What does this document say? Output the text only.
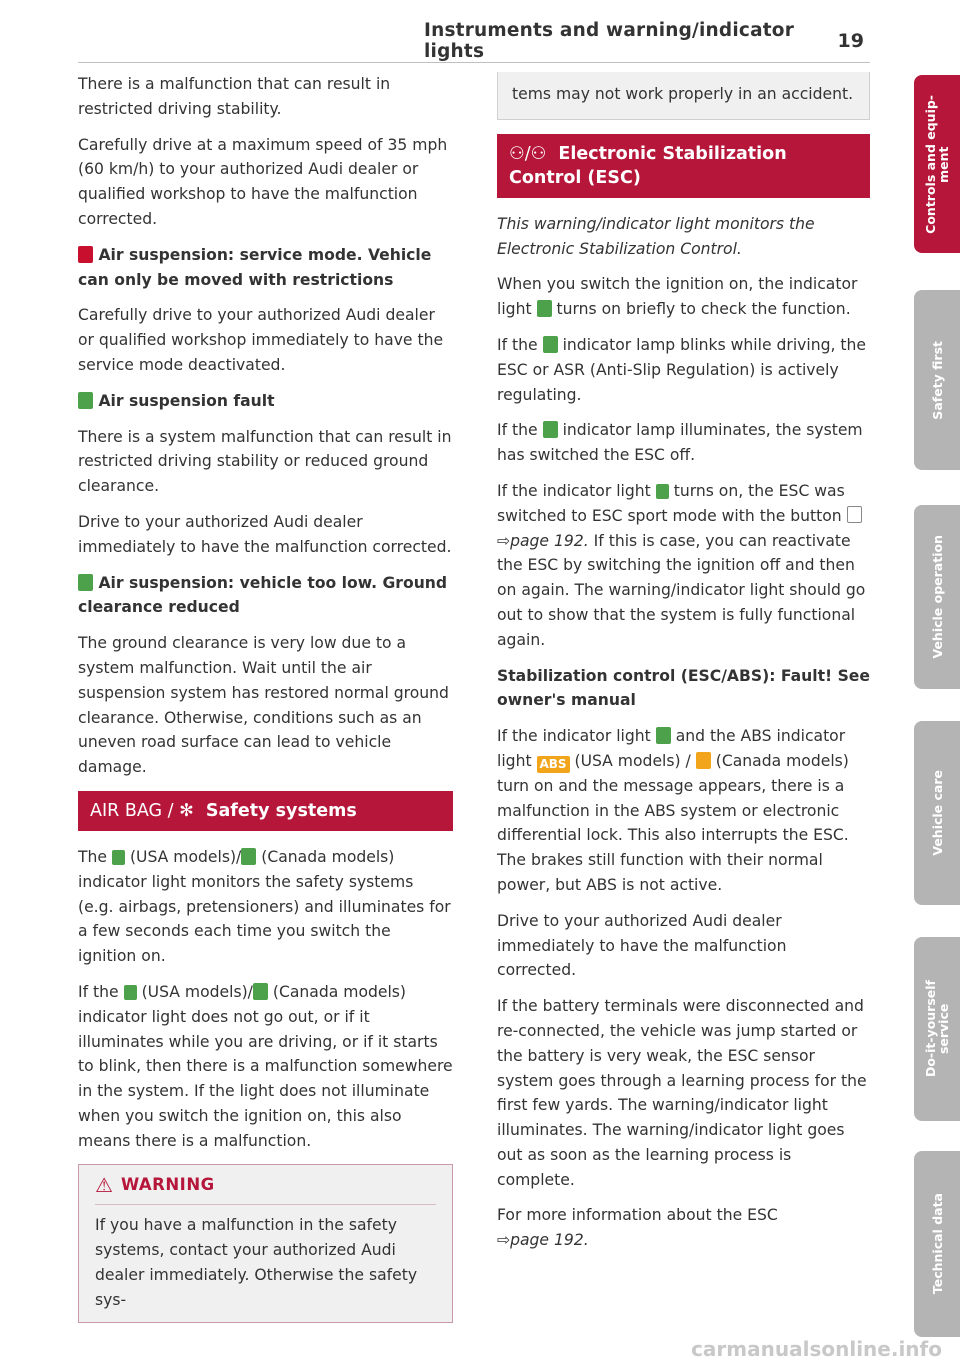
Instruments and warning/indicator lights	19

There is a malfunction that can result in restricted driving stability.

Carefully drive at a maximum speed of 35 mph (60 km/h) to your authorized Audi dealer or qualified workshop to have the malfunction corrected.

Air suspension: service mode. Vehicle can only be moved with restrictions

Carefully drive to your authorized Audi dealer or qualified workshop immediately to have the service mode deactivated.

Air suspension fault

There is a system malfunction that can result in restricted driving stability or reduced ground clearance.

Drive to your authorized Audi dealer immediately to have the malfunction corrected.

Air suspension: vehicle too low. Ground clearance reduced

The ground clearance is very low due to a system malfunction. Wait until the air suspension system has restored normal ground clearance. Otherwise, conditions such as an uneven road surface can lead to vehicle damage.

AIR BAG / ✻ Safety systems

The (USA models)/ (Canada models) indicator light monitors the safety systems (e.g. airbags, pretensioners) and illuminates for a few seconds each time you switch the ignition on.

If the (USA models)/ (Canada models) indicator light does not go out, or if it illuminates while you are driving, or if it starts to blink, then there is a malfunction somewhere in the system. If the light does not illuminate when you switch the ignition on, this also means there is a malfunction.

⚠ WARNING
If you have a malfunction in the safety systems, contact your authorized Audi dealer immediately. Otherwise the safety sys-
tems may not work properly in an accident.
⚇/⚇ Electronic Stabilization Control (ESC)

This warning/indicator light monitors the Electronic Stabilization Control.

When you switch the ignition on, the indicator light turns on briefly to check the function.

If the indicator lamp blinks while driving, the ESC or ASR (Anti-Slip Regulation) is actively regulating.

If the indicator lamp illuminates, the system has switched the ESC off.

If the indicator light turns on, the ESC was switched to ESC sport mode with the button  ⇨page 192. If this is case, you can reactivate the ESC by switching the ignition off and then on again. The warning/indicator light should go out to show that the system is fully functional again.

Stabilization control (ESC/ABS): Fault! See owner's manual

If the indicator light and the ABS indicator light ABS (USA models) / (Canada models) turn on and the message appears, there is a malfunction in the ABS system or electronic differential lock. This also interrupts the ESC. The brakes still function with their normal power, but ABS is not active.

Drive to your authorized Audi dealer immediately to have the malfunction corrected.

If the battery terminals were disconnected and re-connected, the vehicle was jump started or the battery is very weak, the ESC sensor system goes through a learning process for the first few yards. The warning/indicator light illuminates. The warning/indicator light goes out as soon as the learning process is complete.

For more information about the ESC
⇨page 192.

Controls and equip-
ment
Safety first
Vehicle operation
Vehicle care
Do-it-yourself
service
Technical data
carmanualsonline.info
